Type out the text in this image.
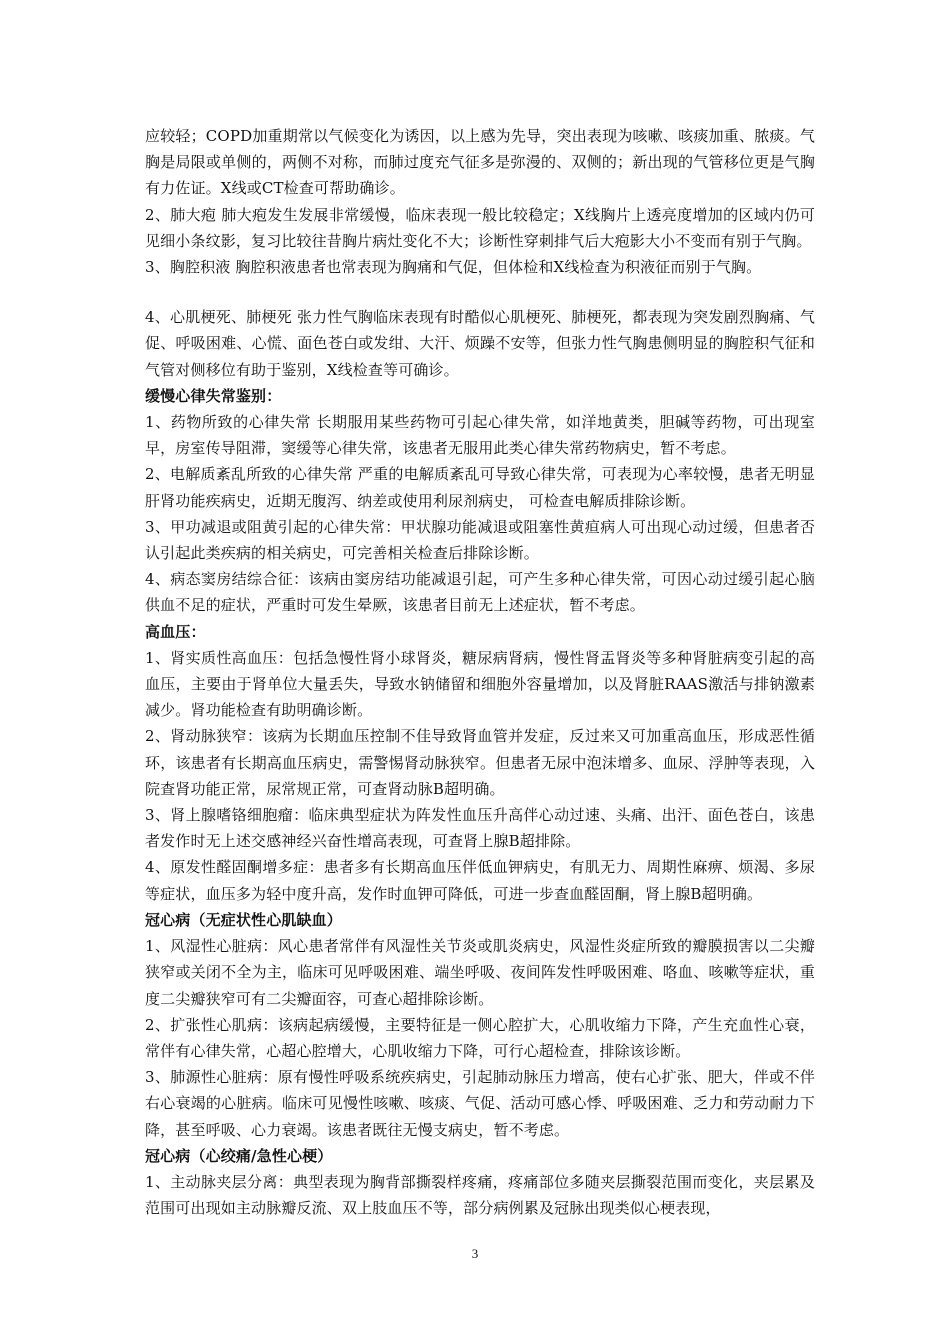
应较轻；COPD加重期常以气候变化为诱因，以上感为先导，突出表现为咳嗽、咳痰加重、脓痰。气胸是局限或单侧的，两侧不对称，而肺过度充气征多是弥漫的、双侧的；新出现的气管移位更是气胸有力佐证。X线或CT检查可帮助确诊。

2、肺大疱 肺大疱发生发展非常缓慢，临床表现一般比较稳定；X线胸片上透亮度增加的区域内仍可见细小条纹影，复习比较往昔胸片病灶变化不大；诊断性穿刺排气后大疱影大小不变而有别于气胸。

3、胸腔积液 胸腔积液患者也常表现为胸痛和气促，但体检和X线检查为积液征而别于气胸。

4、心肌梗死、肺梗死 张力性气胸临床表现有时酷似心肌梗死、肺梗死，都表现为突发剧烈胸痛、气促、呼吸困难、心慌、面色苍白或发绀、大汗、烦躁不安等，但张力性气胸患侧明显的胸腔积气征和气管对侧移位有助于鉴别，X线检查等可确诊。

缓慢心律失常鉴别：

1、药物所致的心律失常 长期服用某些药物可引起心律失常，如洋地黄类，胆碱等药物，可出现室早，房室传导阻滞，窦缓等心律失常，该患者无服用此类心律失常药物病史，暂不考虑。

2、电解质紊乱所致的心律失常 严重的电解质紊乱可导致心律失常，可表现为心率较慢，患者无明显肝肾功能疾病史，近期无腹泻、纳差或使用利尿剂病史， 可检查电解质排除诊断。

3、甲功减退或阻黄引起的心律失常：甲状腺功能减退或阻塞性黄疸病人可出现心动过缓，但患者否认引起此类疾病的相关病史，可完善相关检查后排除诊断。

4、病态窦房结综合征：该病由窦房结功能减退引起，可产生多种心律失常，可因心动过缓引起心脑供血不足的症状，严重时可发生晕厥，该患者目前无上述症状，暂不考虑。

高血压：

1、肾实质性高血压：包括急慢性肾小球肾炎，糖尿病肾病，慢性肾盂肾炎等多种肾脏病变引起的高血压，主要由于肾单位大量丢失，导致水钠储留和细胞外容量增加，以及肾脏RAAS激活与排钠激素减少。肾功能检查有助明确诊断。

2、肾动脉狭窄：该病为长期血压控制不佳导致肾血管并发症，反过来又可加重高血压，形成恶性循环，该患者有长期高血压病史，需警惕肾动脉狭窄。但患者无尿中泡沫增多、血尿、浮肿等表现，入院查肾功能正常，尿常规正常，可查肾动脉B超明确。

3、肾上腺嗜铬细胞瘤：临床典型症状为阵发性血压升高伴心动过速、头痛、出汗、面色苍白，该患者发作时无上述交感神经兴奋性增高表现，可查肾上腺B超排除。

4、原发性醛固酮增多症：患者多有长期高血压伴低血钾病史，有肌无力、周期性麻痹、烦渴、多尿等症状，血压多为轻中度升高，发作时血钾可降低，可进一步查血醛固酮，肾上腺B超明确。

冠心病（无症状性心肌缺血）

1、风湿性心脏病：风心患者常伴有风湿性关节炎或肌炎病史，风湿性炎症所致的瓣膜损害以二尖瓣狭窄或关闭不全为主，临床可见呼吸困难、端坐呼吸、夜间阵发性呼吸困难、咯血、咳嗽等症状，重度二尖瓣狭窄可有二尖瓣面容，可查心超排除诊断。

2、扩张性心肌病：该病起病缓慢，主要特征是一侧心腔扩大，心肌收缩力下降，产生充血性心衰，常伴有心律失常，心超心腔增大，心肌收缩力下降，可行心超检查，排除该诊断。

3、肺源性心脏病：原有慢性呼吸系统疾病史，引起肺动脉压力增高，使右心扩张、肥大，伴或不伴右心衰竭的心脏病。临床可见慢性咳嗽、咳痰、气促、活动可感心悸、呼吸困难、乏力和劳动耐力下降，甚至呼吸、心力衰竭。该患者既往无慢支病史，暂不考虑。

冠心病（心绞痛/急性心梗）

1、主动脉夹层分离：典型表现为胸背部撕裂样疼痛，疼痛部位多随夹层撕裂范围而变化，夹层累及范围可出现如主动脉瓣反流、双上肢血压不等，部分病例累及冠脉出现类似心梗表现，

3
